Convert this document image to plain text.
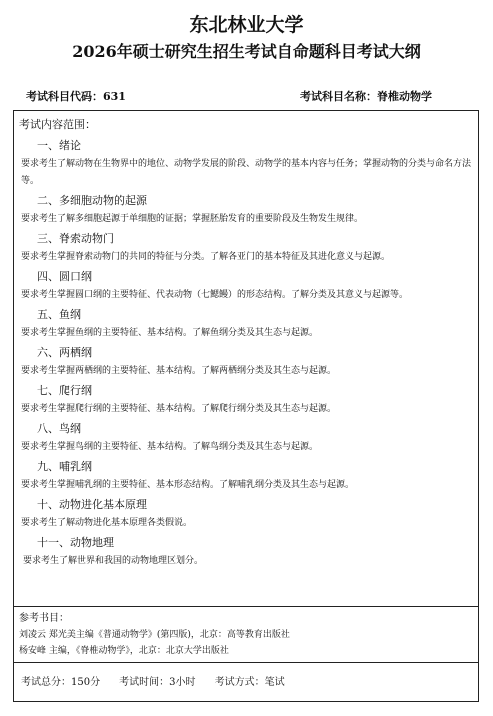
东北林业大学
2026年硕士研究生招生考试自命题科目考试大纲
考试科目代码：631	考试科目名称：脊椎动物学
考试内容范围：
一、绪论
要求考生了解动物在生物界中的地位、动物学发展的阶段、动物学的基本内容与任务；掌握动物的分类与命名方法等。
二、多细胞动物的起源
要求考生了解多细胞起源于单细胞的证据；掌握胚胎发育的重要阶段及生物发生规律。
三、脊索动物门
要求考生掌握脊索动物门的共同的特征与分类。了解各亚门的基本特征及其进化意义与起源。
四、圆口纲
要求考生掌握圆口纲的主要特征、代表动物（七鳃鳗）的形态结构。了解分类及其意义与起源等。
五、鱼纲
要求考生掌握鱼纲的主要特征、基本结构。了解鱼纲分类及其生态与起源。
六、两栖纲
要求考生掌握两栖纲的主要特征、基本结构。了解两栖纲分类及其生态与起源。
七、爬行纲
要求考生掌握爬行纲的主要特征、基本结构。了解爬行纲分类及其生态与起源。
八、鸟纲
要求考生掌握鸟纲的主要特征、基本结构。了解鸟纲分类及其生态与起源。
九、哺乳纲
要求考生掌握哺乳纲的主要特征、基本形态结构。了解哺乳纲分类及其生态与起源。
十、动物进化基本原理
要求考生了解动物进化基本原理各类假说。
十一、动物地理
要求考生了解世界和我国的动物地理区划分。
参考书目：
刘凌云 郑光美主编《普通动物学》(第四版)，北京：高等教育出版社
杨安峰 主编，《脊椎动物学》，北京：北京大学出版社
考试总分：150分 考试时间：3小时 考试方式：笔试
